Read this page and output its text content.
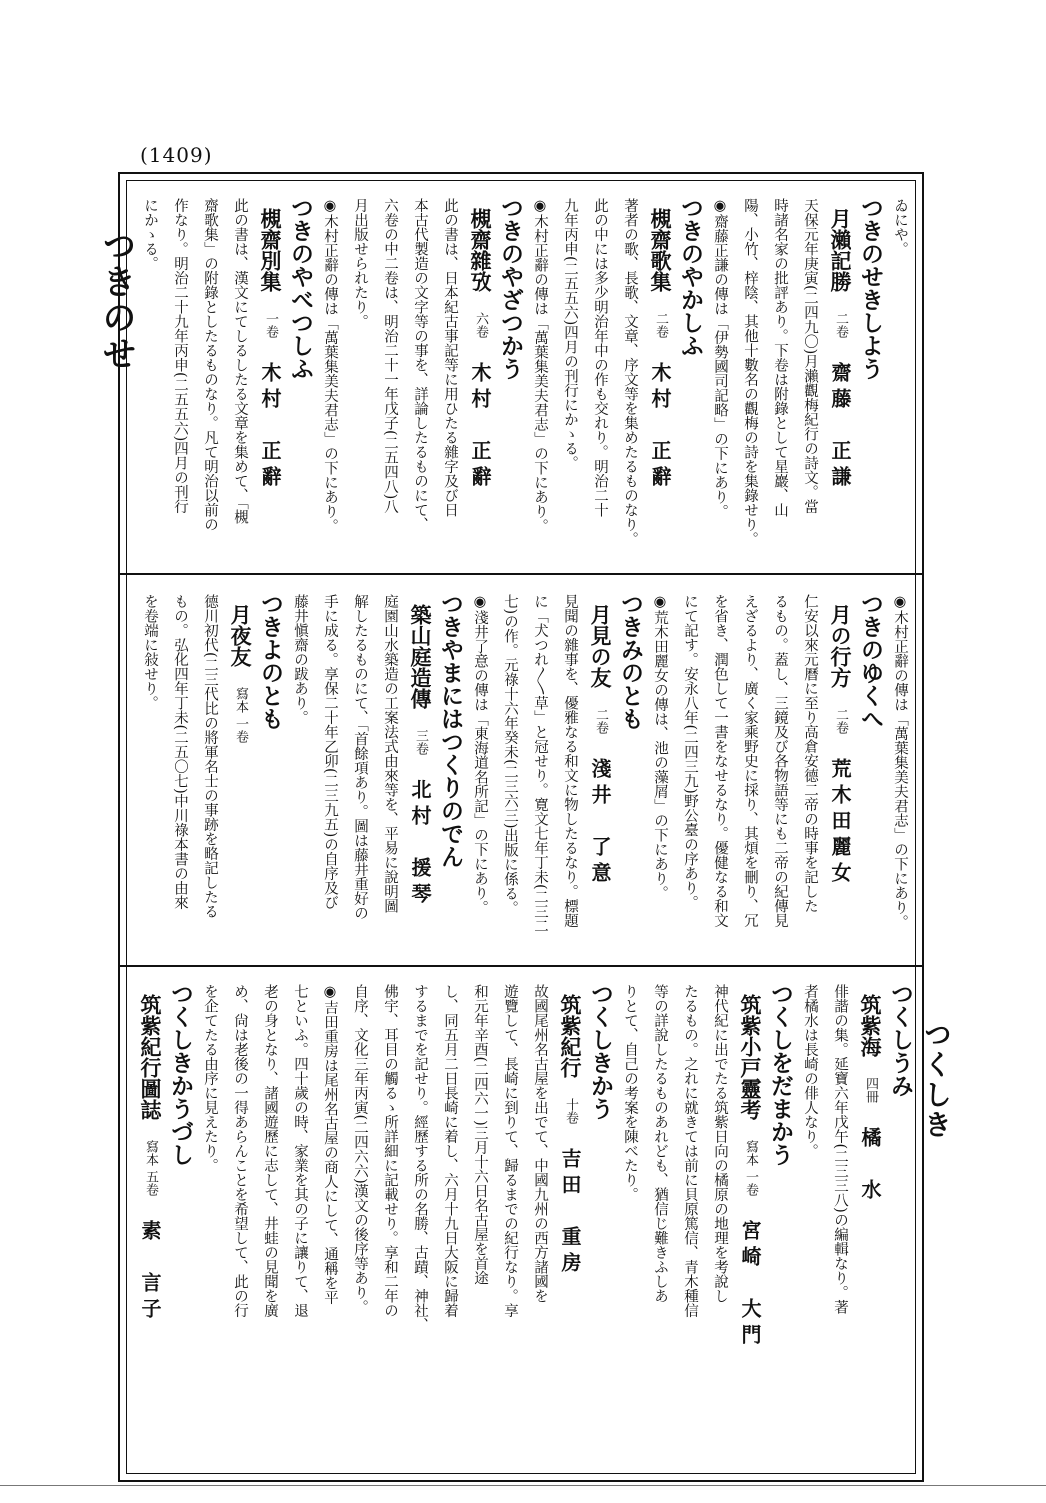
(1409)
つきのせ
つくしき
ゐにや。
つきのせきしよう
月瀨記勝二卷齋藤　正謙
天保元年庚寅(二四九〇)月瀨觀梅紀行の詩文。當
時諸名家の批評あり。下卷は附錄として星巖、山
陽、小竹、梓陰、其他十數名の觀梅の詩を集錄せり。
◉齋藤正謙の傳は「伊勢國司記略」の下にあり。
つきのやかしふ
槻齋歌集二卷木村　正辭
著者の歌、長歌、文章、序文等を集めたるものなり。
此の中には多少明治年中の作も交れり。明治二十
九年丙申(二五五六)四月の刊行にかゝる。
◉木村正辭の傳は「萬葉集美夫君志」の下にあり。
つきのやざつかう
槻齋雜攷六卷木村　正辭
此の書は、日本紀古事記等に用ひたる雜字及び日
本古代製造の文字等の事を、詳論したるものにて、
六卷の中二卷は、明治二十一年戊子(二五四八)八
月出版せられたり。
◉木村正辭の傳は「萬葉集美夫君志」の下にあり。
つきのやべつしふ
槻齋別集一卷木村　正辭
此の書は、漢文にてしるしたる文章を集めて、「槻
齋歌集」の附錄としたるものなり。凡て明治以前の
作なり。明治二十九年丙申(二五五六)四月の刊行
にかゝる。
◉木村正辭の傳は「萬葉集美夫君志」の下にあり。
つきのゆくへ
月の行方二卷荒木田麗女
仁安以來元曆に至り高倉安德二帝の時事を記した
るもの。蓋し、三鏡及び各物語等にも二帝の紀傳見
えざるより、廣く家乘野史に採り、其煩を刪り、冗
を省き、潤色して一書をなせるなり。優健なる和文
にて記す。安永八年(二四三九)野公臺の序あり。
◉荒木田麗女の傳は、池の藻屑」の下にあり。
つきみのとも
月見の友二卷淺井　了意
見聞の雜事を、優雅なる和文に物したるなり。標題
に「犬つれ〳〵草」と冠せり。寛文七年丁未(二三二
七)の作。元祿十六年癸未(二三六三)出版に係る。
◉淺井了意の傳は「東海道名所記」の下にあり。
つきやまにはつくりのでん
築山庭造傳三卷北村　援琴
庭園山水築造の工案法式由來等を、平易に說明圖
解したるものにて、「首餘項あり。圖は藤井重好の
手に成る。享保二十年乙卯(二三九五)の自序及び
藤井愼齋の跋あり。
つきよのとも
月夜友寫本 一卷
德川初代(二三代比の將軍名士の事跡を略記したる
もの。弘化四年丁未(二五〇七)中川祿本書の由來
を卷端に敍せり。
つくしうみ
筑紫海四冊橘　水
俳諧の集。延寶六年戊午(二三三八)の編輯なり。著
者橘水は長崎の俳人なり。
つくしをだまかう
筑紫小戸靈考寫本 一卷宮崎　大門
神代紀に出でたる筑紫日向の橘原の地理を考說し
たるもの。之れに就きては前に貝原篤信、青木種信
等の詳說したるものあれども、猶信じ難きふしあ
りとて、自己の考案を陳べたり。
つくしきかう
筑紫紀行十卷吉田　重房
故國尾州名古屋を出でて、中國九州の西方諸國を
遊覽して、長崎に到りて、歸るまでの紀行なり。享
和元年辛酉(二四六一)三月十六日名古屋を首途
し、同五月二日長崎に着し、六月十九日大阪に歸着
するまでを記せり。經歷する所の名勝、古蹟、神社、
佛宇、耳目の觸るゝ所詳細に記載せり。享和二年の
自序、文化三年丙寅(二四六六)漢文の後序等あり。
◉吉田重房は尾州名古屋の商人にして、通稱を平
七といふ。四十歲の時、家業を其の子に讓りて、退
老の身となり、諸國遊歷に志して、井蛙の見聞を廣
め、尙は老後の一得あらんことを希望して、此の行
を企てたる由序に見えたり。
つくしきかうづし
筑紫紀行圖誌寫本 五卷素　言子
